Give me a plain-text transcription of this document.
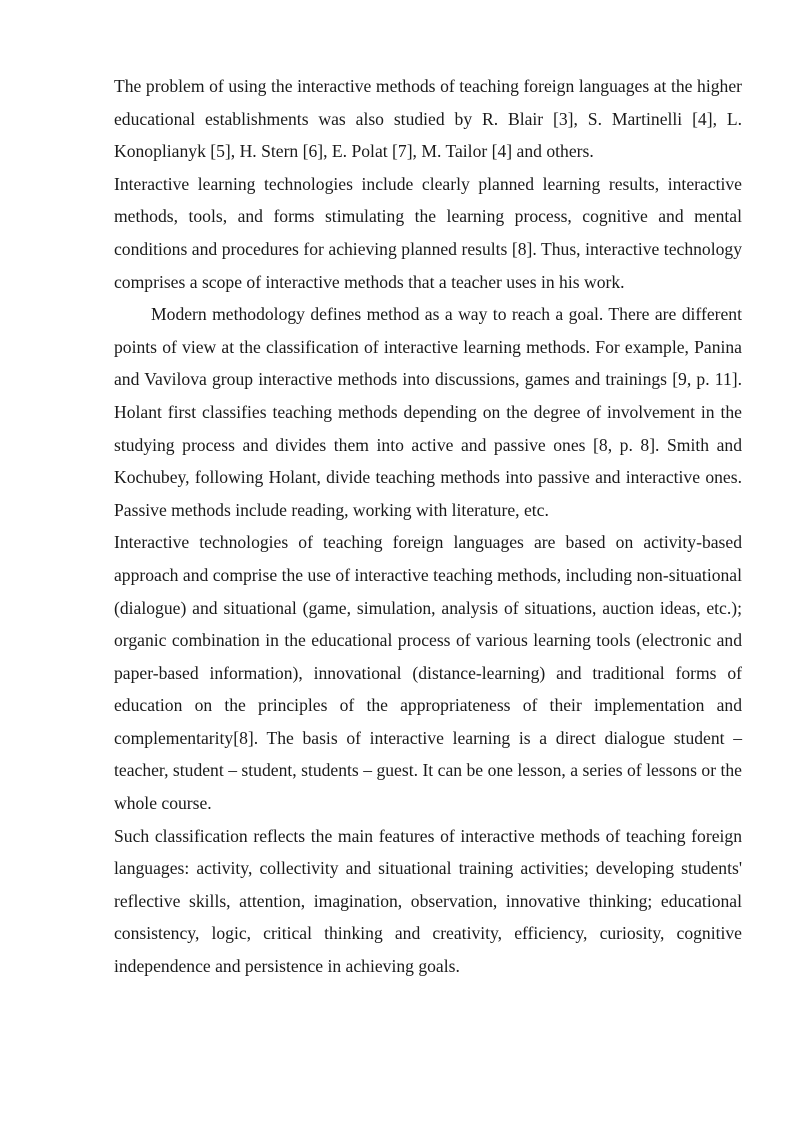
The problem of using the interactive methods of teaching foreign languages at the higher educational establishments was also studied by R. Blair [3], S. Martinelli [4], L. Konoplianyk [5], H. Stern [6], E. Polat [7], M. Tailor [4] and others.

Interactive learning technologies include clearly planned learning results, interactive methods, tools, and forms stimulating the learning process, cognitive and mental conditions and procedures for achieving planned results [8]. Thus, interactive technology comprises a scope of interactive methods that a teacher uses in his work.

Modern methodology defines method as a way to reach a goal. There are different points of view at the classification of interactive learning methods. For example, Panina and Vavilova group interactive methods into discussions, games and trainings [9, p. 11]. Holant first classifies teaching methods depending on the degree of involvement in the studying process and divides them into active and passive ones [8, p. 8]. Smith and Kochubey, following Holant, divide teaching methods into passive and interactive ones. Passive methods include reading, working with literature, etc.

Interactive technologies of teaching foreign languages are based on activity-based approach and comprise the use of interactive teaching methods, including non-situational (dialogue) and situational (game, simulation, analysis of situations, auction ideas, etc.); organic combination in the educational process of various learning tools (electronic and paper-based information), innovational (distance-learning) and traditional forms of education on the principles of the appropriateness of their implementation and complementarity[8]. The basis of interactive learning is a direct dialogue student – teacher, student – student, students – guest. It can be one lesson, a series of lessons or the whole course.

Such classification reflects the main features of interactive methods of teaching foreign languages: activity, collectivity and situational training activities; developing students' reflective skills, attention, imagination, observation, innovative thinking; educational consistency, logic, critical thinking and creativity, efficiency, curiosity, cognitive independence and persistence in achieving goals.
